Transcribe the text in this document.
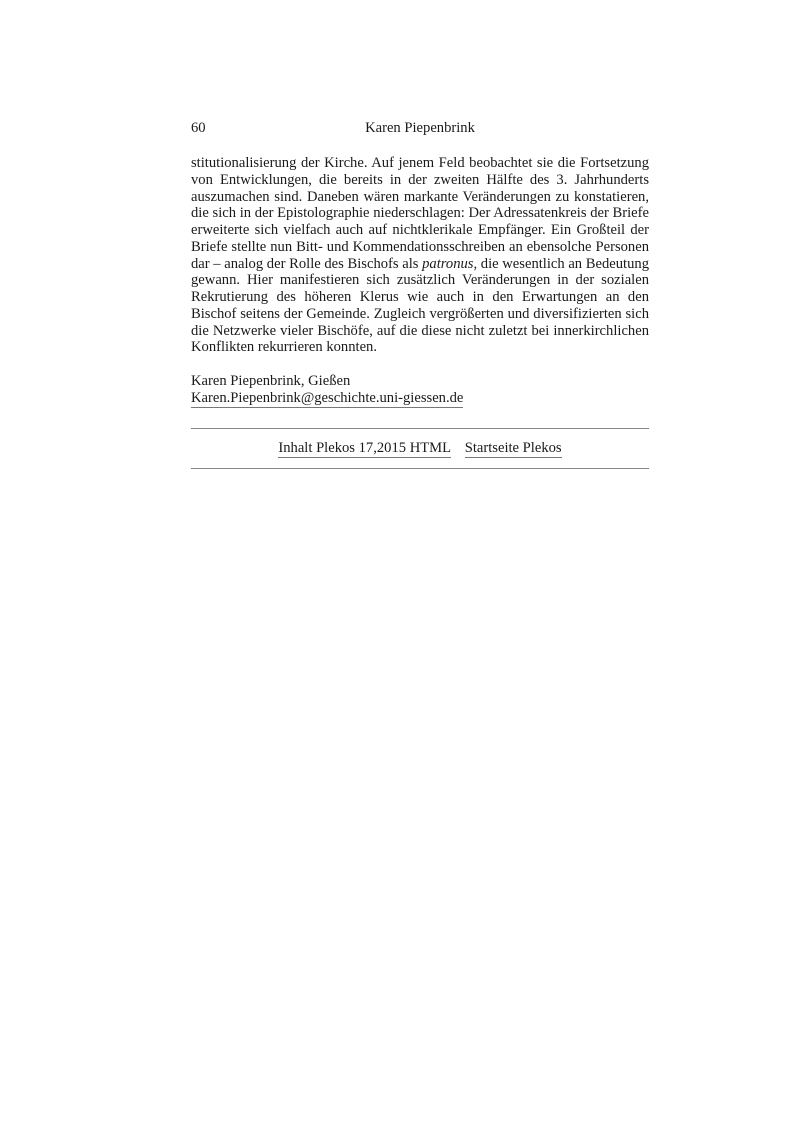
60	Karen Piepenbrink

stitutionalisierung der Kirche. Auf jenem Feld beobachtet sie die Fortsetzung von Entwicklungen, die bereits in der zweiten Hälfte des 3. Jahrhunderts auszumachen sind. Daneben wären markante Veränderungen zu konstatieren, die sich in der Epistolographie niederschlagen: Der Adressatenkreis der Briefe erweiterte sich vielfach auch auf nichtklerikale Empfänger. Ein Großteil der Briefe stellte nun Bitt- und Kommendationsschreiben an ebensolche Personen dar – analog der Rolle des Bischofs als patronus, die wesentlich an Bedeutung gewann. Hier manifestieren sich zusätzlich Veränderungen in der sozialen Rekrutierung des höheren Klerus wie auch in den Erwartungen an den Bischof seitens der Gemeinde. Zugleich vergrößerten und diversifizierten sich die Netzwerke vieler Bischöfe, auf die diese nicht zuletzt bei innerkirchlichen Konflikten rekurrieren konnten.

Karen Piepenbrink, Gießen
Karen.Piepenbrink@geschichte.uni-giessen.de
Inhalt Plekos 17,2015 HTML Startseite Plekos
